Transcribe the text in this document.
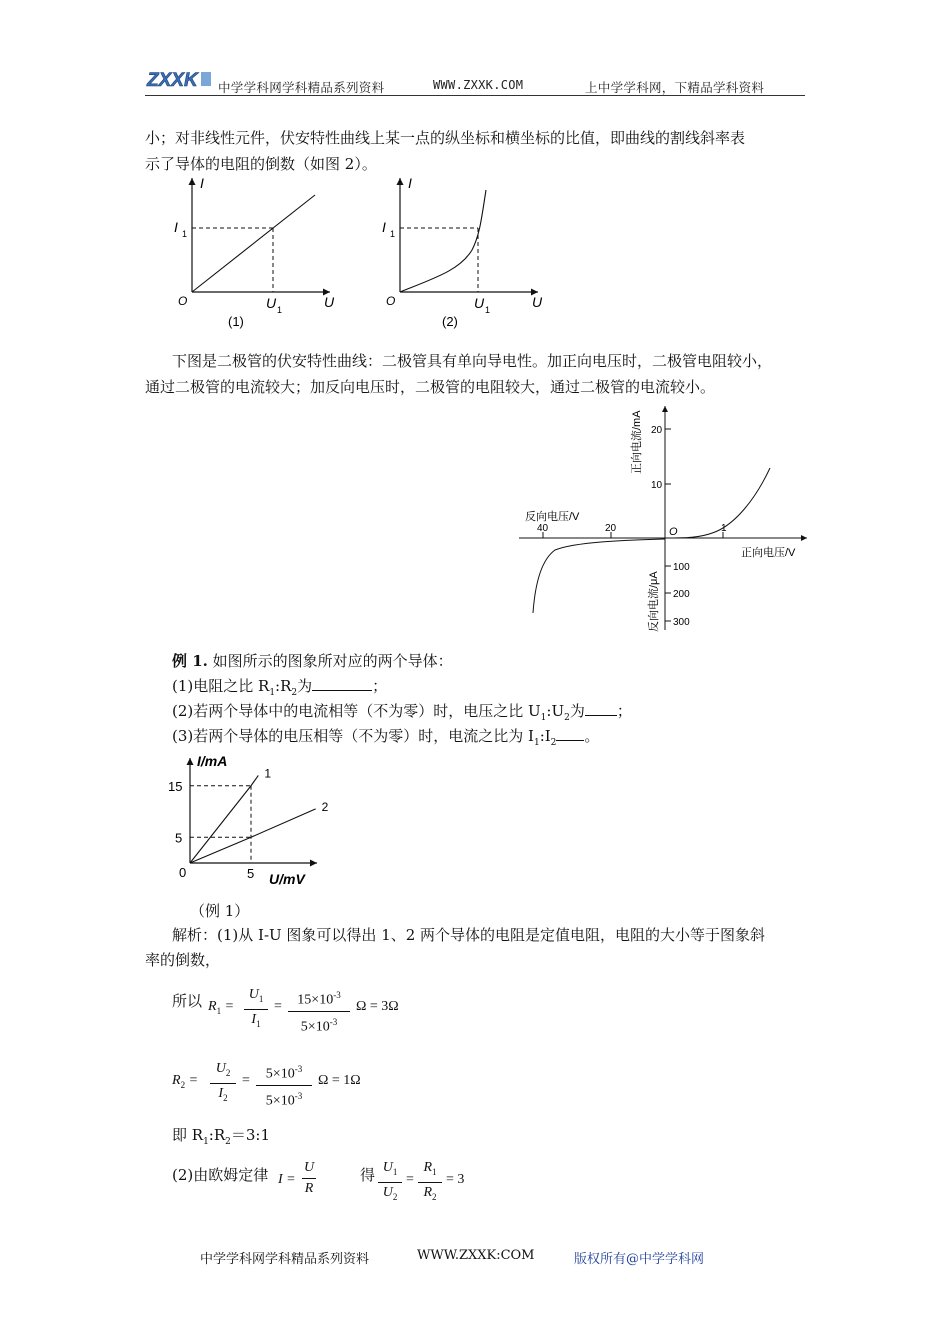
ZXXK 中学学科网学科精品系列资料	WWW.ZXXK.COM	上中学学科网，下精品学科资料
小；对非线性元件，伏安特性曲线上某一点的纵坐标和横坐标的比值，即曲线的割线斜率表
示了导体的电阻的倒数（如图 2）。
I
I 1
O	U 1	U
(1)
I
I 1
O	U 1	U
(2)
下图是二极管的伏安特性曲线：二极管具有单向导电性。加正向电压时，二极管电阻较小，
通过二极管的电流较大；加反向电压时，二极管的电阻较大，通过二极管的电流较小。
20
10
100
200
300
40	20	1
O
反向电压/V
正向电压/V
正向电流/mA
反向电流/μA
例 1. 如图所示的图象所对应的两个导体：
(1)电阻之比 $R_1:R_2$为	；
(2)若两个导体中的电流相等（不为零）时，电压之比 $U_1:U_2$为 ；
(3)若两个导体的电压相等（不为零）时，电流之比为 $I_1:I_2$ 。
I/mA
U/mV
0	5
15
5
1
2
（例 1）
解析：(1)从 I-U 图象可以得出 1、2 两个导体的电阻是定值电阻，电阻的大小等于图象斜
率的倒数，
所以 $R_1$ =
$U_1$
$I_1$
=	$15\times 10^{-3}$
$5\times 10^{-3}$
Ω = 3Ω
$R_2$ =
$U_2$
$I_2$
=	$5\times 10^{-3}$
$5\times 10^{-3}$
Ω = 1Ω
即 $R_1:R_2=3:1$
(2)由欧姆定律 I =
U
R
得 $U_1$
$U_2$
=
$R_1$
$R_2$
= 3
中学学科网学科精品系列资料	WWW.ZXXK:COM	版权所有@中学学科网
